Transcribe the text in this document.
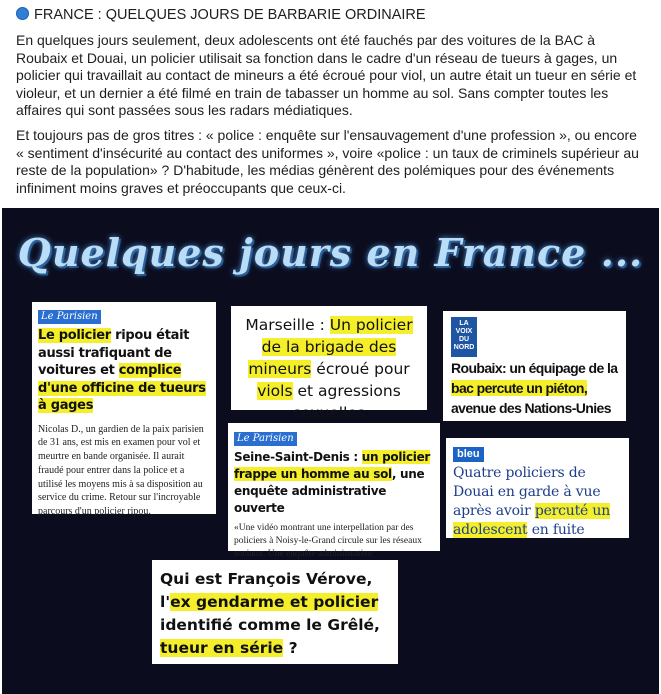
FRANCE : QUELQUES JOURS DE BARBARIE ORDINAIRE

En quelques jours seulement, deux adolescents ont été fauchés par des voitures de la BAC à Roubaix et Douai, un policier utilisait sa fonction dans le cadre d'un réseau de tueurs à gages, un policier qui travaillait au contact de mineurs a été écroué pour viol, un autre était un tueur en série et violeur, et un dernier a été filmé en train de tabasser un homme au sol. Sans compter toutes les affaires qui sont passées sous les radars médiatiques.

Et toujours pas de gros titres : « police : enquête sur l'ensauvagement d'une profession », ou encore « sentiment d'insécurité au contact des uniformes », voire «police : un taux de criminels supérieur au reste de la population» ? D'habitude, les médias génèrent des polémiques pour des événements infiniment moins graves et préoccupants que ceux-ci.

Quelques jours en France ...
Le Parisien
Le policier ripou était aussi trafiquant de voitures et complice d'une officine de tueurs à gages
Nicolas D., un gardien de la paix parisien de 31 ans, est mis en examen pour vol et meurtre en bande organisée. Il aurait fraudé pour entrer dans la police et a utilisé les moyens mis à sa disposition au service du crime. Retour sur l'incroyable parcours d'un policier ripou.
Marseille : Un policier de la brigade des mineurs écroué pour viols et agressions sexuelles
LA VOIX DU NORD
Roubaix: un équipage de la bac percute un piéton, avenue des Nations-Unies
Le Parisien
Seine-Saint-Denis : un policier frappe un homme au sol, une enquête administrative ouverte
«Une vidéo montrant une interpellation par des policiers à Noisy-le-Grand circule sur les réseaux sociaux. Une enquête administrative
bleu
Quatre policiers de Douai en garde à vue après avoir percuté un adolescent en fuite
Qui est François Vérove, l'ex gendarme et policier identifié comme le Grêlé, tueur en série ?
